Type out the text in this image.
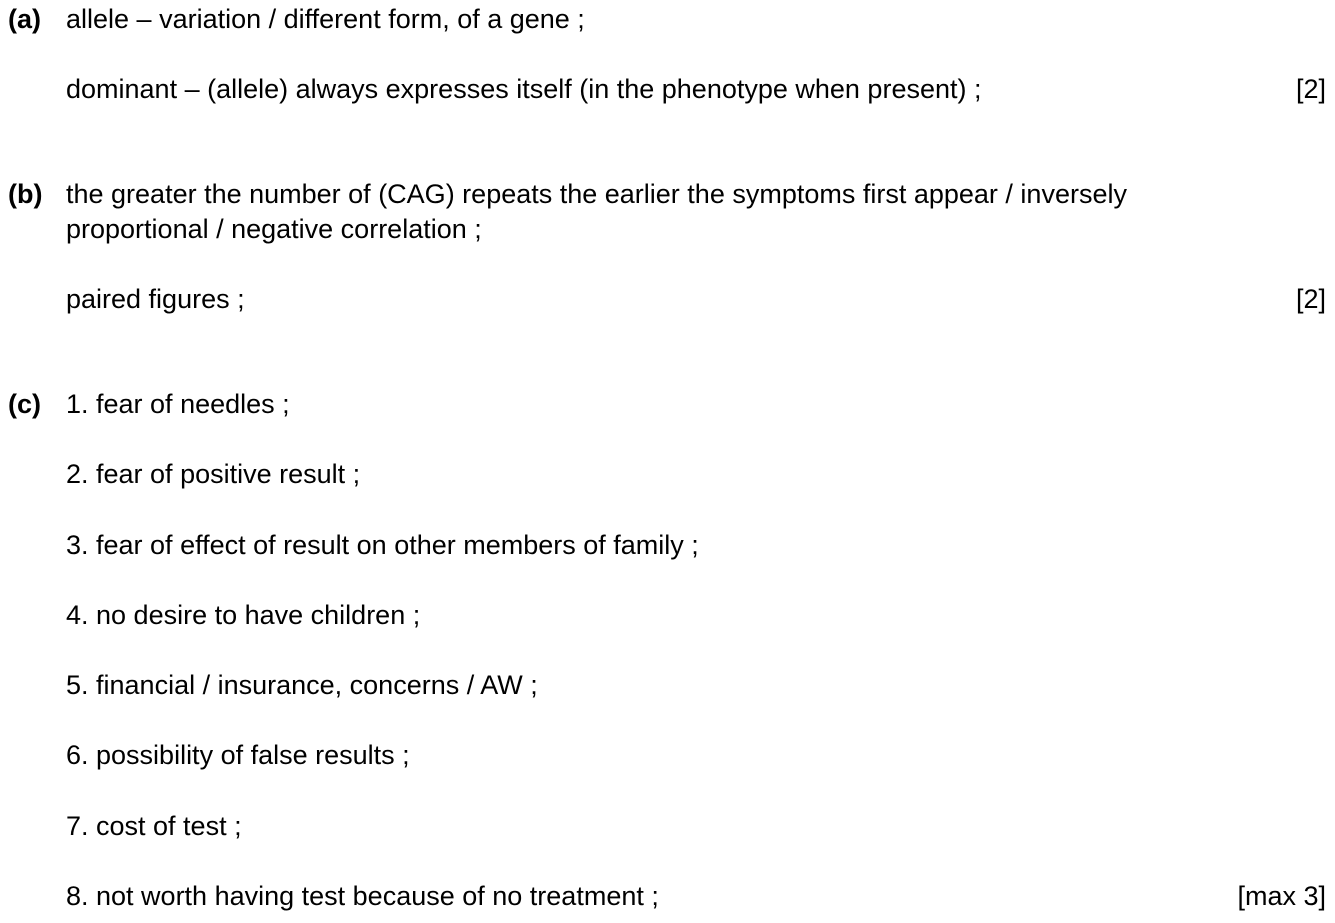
(a) allele – variation / different form, of a gene ;
dominant – (allele) always expresses itself (in the phenotype when present) ;	[2]
(b) the greater the number of (CAG) repeats the earlier the symptoms first appear / inversely
proportional / negative correlation ;
paired figures ;	[2]
(c) 1. fear of needles ;
2. fear of positive result ;
3. fear of effect of result on other members of family ;
4. no desire to have children ;
5. financial / insurance, concerns / AW ;
6. possibility of false results ;
7. cost of test ;
8. not worth having test because of no treatment ;	[max 3]
